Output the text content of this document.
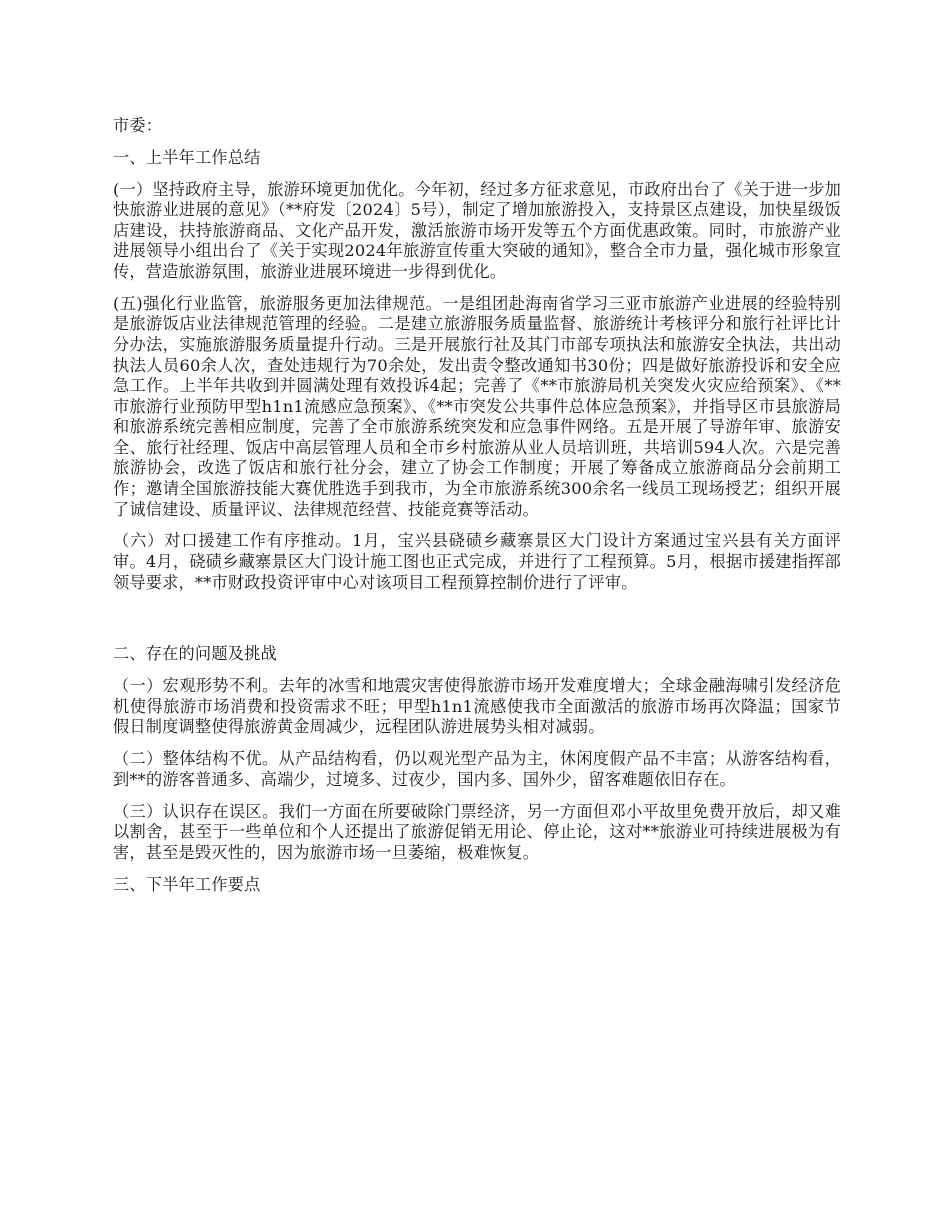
市委：

一、上半年工作总结

(一）坚持政府主导，旅游环境更加优化。今年初，经过多方征求意见，市政府出台了《关于进一步加快旅游业进展的意见》（**府发〔2024〕5号），制定了增加旅游投入，支持景区点建设，加快星级饭店建设，扶持旅游商品、文化产品开发，激活旅游市场开发等五个方面优惠政策。同时，市旅游产业进展领导小组出台了《关于实现2024年旅游宣传重大突破的通知》，整合全市力量，强化城市形象宣传，营造旅游氛围，旅游业进展环境进一步得到优化。

(五)强化行业监管，旅游服务更加法律规范。一是组团赴海南省学习三亚市旅游产业进展的经验特别是旅游饭店业法律规范管理的经验。二是建立旅游服务质量监督、旅游统计考核评分和旅行社评比计分办法，实施旅游服务质量提升行动。三是开展旅行社及其门市部专项执法和旅游安全执法，共出动执法人员60余人次，查处违规行为70余处，发出责令整改通知书30份；四是做好旅游投诉和安全应急工作。上半年共收到并圆满处理有效投诉4起；完善了《**市旅游局机关突发火灾应给预案》、《**市旅游行业预防甲型h1n1流感应急预案》、《**市突发公共事件总体应急预案》，并指导区市县旅游局和旅游系统完善相应制度，完善了全市旅游系统突发和应急事件网络。五是开展了导游年审、旅游安全、旅行社经理、饭店中高层管理人员和全市乡村旅游从业人员培训班，共培训594人次。六是完善旅游协会，改选了饭店和旅行社分会，建立了协会工作制度；开展了筹备成立旅游商品分会前期工作；邀请全国旅游技能大赛优胜选手到我市，为全市旅游系统300余名一线员工现场授艺；组织开展了诚信建设、质量评议、法律规范经营、技能竞赛等活动。

（六）对口援建工作有序推动。1月，宝兴县硗碛乡藏寨景区大门设计方案通过宝兴县有关方面评审。4月，硗碛乡藏寨景区大门设计施工图也正式完成，并进行了工程预算。5月，根据市援建指挥部领导要求，**市财政投资评审中心对该项目工程预算控制价进行了评审。

二、存在的问题及挑战

（一）宏观形势不利。去年的冰雪和地震灾害使得旅游市场开发难度增大；全球金融海啸引发经济危机使得旅游市场消费和投资需求不旺；甲型h1n1流感使我市全面激活的旅游市场再次降温；国家节假日制度调整使得旅游黄金周减少，远程团队游进展势头相对减弱。

（二）整体结构不优。从产品结构看，仍以观光型产品为主，休闲度假产品不丰富；从游客结构看，到**的游客普通多、高端少，过境多、过夜少，国内多、国外少，留客难题依旧存在。

（三）认识存在误区。我们一方面在所要破除门票经济，另一方面但邓小平故里免费开放后，却又难以割舍，甚至于一些单位和个人还提出了旅游促销无用论、停止论，这对**旅游业可持续进展极为有害，甚至是毁灭性的，因为旅游市场一旦萎缩，极难恢复。

三、下半年工作要点
